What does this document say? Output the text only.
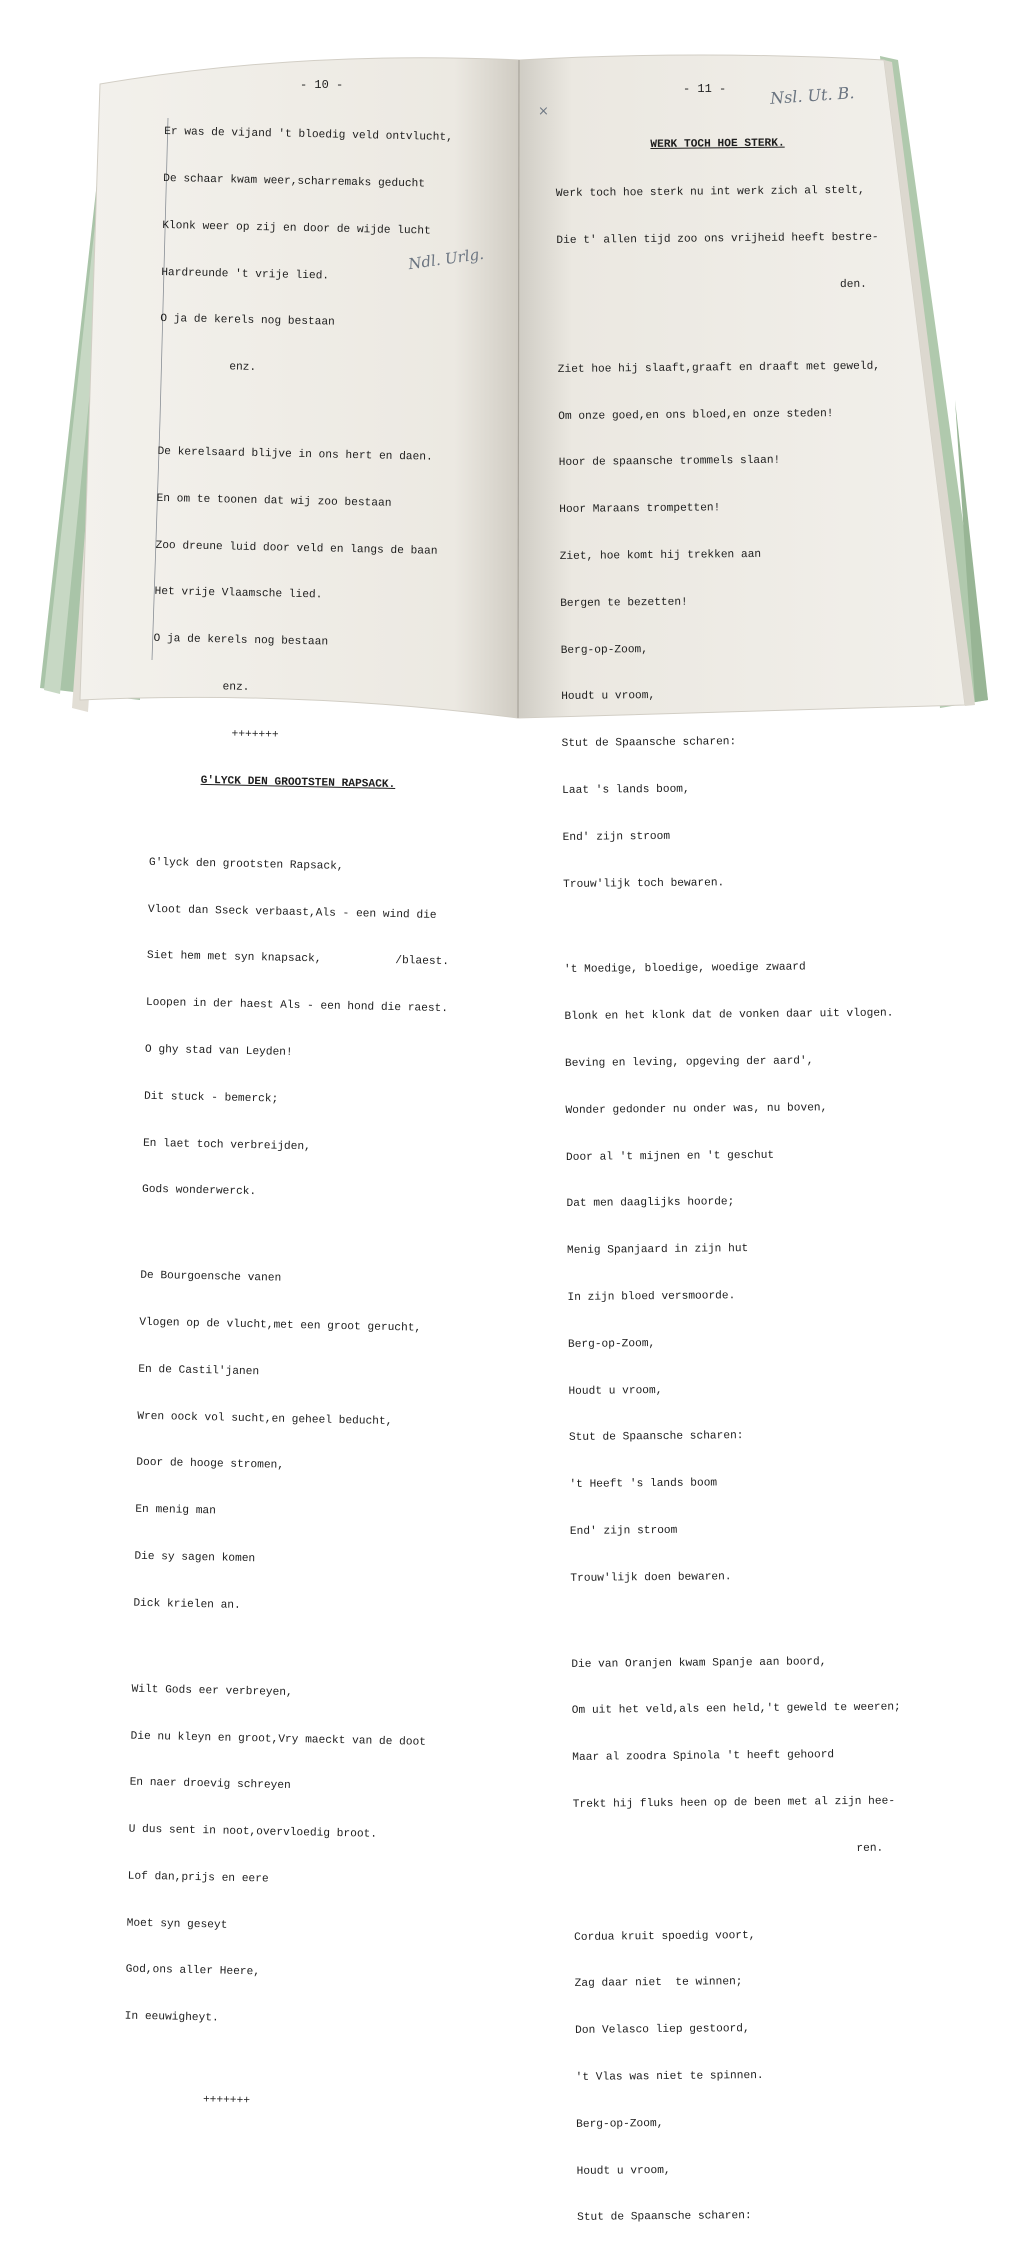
- 10 -	- 11 -
Ndl. Urlg.
Nsl. Ut. B.
×

Er was de vijand 't bloedig veld ontvlucht,

De schaar kwam weer,scharremaks geducht

Klonk weer op zij en door de wijde lucht

Hardreunde 't vrije lied.

O ja de kerels nog bestaan

enz.

De kerelsaard blijve in ons hert en daen.

En om te toonen dat wij zoo bestaan

Zoo dreune luid door veld en langs de baan

Het vrije Vlaamsche lied.

O ja de kerels nog bestaan

enz.

+++++++

G'LYCK DEN GROOTSTEN RAPSACK.

G'lyck den grootsten Rapsack,

Vloot dan Sseck verbaast,Als - een wind die

Siet hem met syn knapsack,           /blaest.

Loopen in der haest Als - een hond die raest.

O ghy stad van Leyden!

Dit stuck - bemerck;

En laet toch verbreijden,

Gods wonderwerck.

De Bourgoensche vanen

Vlogen op de vlucht,met een groot gerucht,

En de Castil'janen

Wren oock vol sucht,en geheel beducht,

Door de hooge stromen,

En menig man

Die sy sagen komen

Dick krielen an.

Wilt Gods eer verbreyen,

Die nu kleyn en groot,Vry maeckt van de doot

En naer droevig schreyen

U dus sent in noot,overvloedig broot.

Lof dan,prijs en eere

Moet syn geseyt

God,ons aller Heere,

In eeuwigheyt.

+++++++

WERK TOCH HOE STERK.

Werk toch hoe sterk nu int werk zich al stelt,

Die t' allen tijd zoo ons vrijheid heeft bestre-

den.

Ziet hoe hij slaaft,graaft en draaft met geweld,

Om onze goed,en ons bloed,en onze steden!

Hoor de spaansche trommels slaan!

Hoor Maraans trompetten!

Ziet, hoe komt hij trekken aan

Bergen te bezetten!

Berg-op-Zoom,

Houdt u vroom,

Stut de Spaansche scharen:

Laat 's lands boom,

End' zijn stroom

Trouw'lijk toch bewaren.

't Moedige, bloedige, woedige zwaard

Blonk en het klonk dat de vonken daar uit vlogen.

Beving en leving, opgeving der aard',

Wonder gedonder nu onder was, nu boven,

Door al 't mijnen en 't geschut

Dat men daaglijks hoorde;

Menig Spanjaard in zijn hut

In zijn bloed versmoorde.

Berg-op-Zoom,

Houdt u vroom,

Stut de Spaansche scharen:

't Heeft 's lands boom

End' zijn stroom

Trouw'lijk doen bewaren.

Die van Oranjen kwam Spanje aan boord,

Om uit het veld,als een held,'t geweld te weeren;

Maar al zoodra Spinola 't heeft gehoord

Trekt hij fluks heen op de been met al zijn hee-

ren.

Cordua kruit spoedig voort,

Zag daar niet  te winnen;

Don Velasco liep gestoord,

't Vlas was niet te spinnen.

Berg-op-Zoom,

Houdt u vroom,

Stut de Spaansche scharen:
